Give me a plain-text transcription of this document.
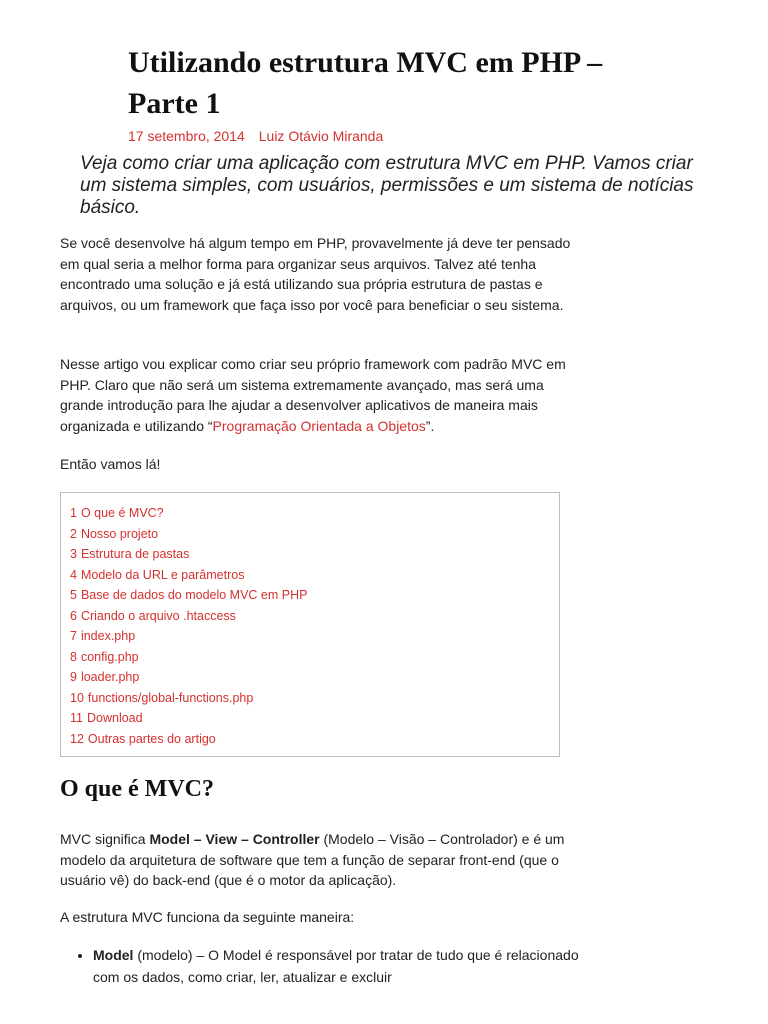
Utilizando estrutura MVC em PHP – Parte 1
17 setembro, 2014 Luiz Otávio Miranda

Veja como criar uma aplicação com estrutura MVC em PHP. Vamos criar um sistema simples, com usuários, permissões e um sistema de notícias básico.

Se você desenvolve há algum tempo em PHP, provavelmente já deve ter pensado em qual seria a melhor forma para organizar seus arquivos. Talvez até tenha encontrado uma solução e já está utilizando sua própria estrutura de pastas e arquivos, ou um framework que faça isso por você para beneficiar o seu sistema.

Nesse artigo vou explicar como criar seu próprio framework com padrão MVC em PHP. Claro que não será um sistema extremamente avançado, mas será uma grande introdução para lhe ajudar a desenvolver aplicativos de maneira mais organizada e utilizando “Programação Orientada a Objetos”.

Então vamos lá!

1 O que é MVC?
2 Nosso projeto
3 Estrutura de pastas
4 Modelo da URL e parâmetros
5 Base de dados do modelo MVC em PHP
6 Criando o arquivo .htaccess
7 index.php
8 config.php
9 loader.php
10 functions/global-functions.php
11 Download
12 Outras partes do artigo
O que é MVC?

MVC significa Model – View – Controller (Modelo – Visão – Controlador) e é um modelo da arquitetura de software que tem a função de separar front-end (que o usuário vê) do back-end (que é o motor da aplicação).

A estrutura MVC funciona da seguinte maneira:

• Model (modelo) – O Model é responsável por tratar de tudo que é relacionado com os dados, como criar, ler, atualizar e excluir
